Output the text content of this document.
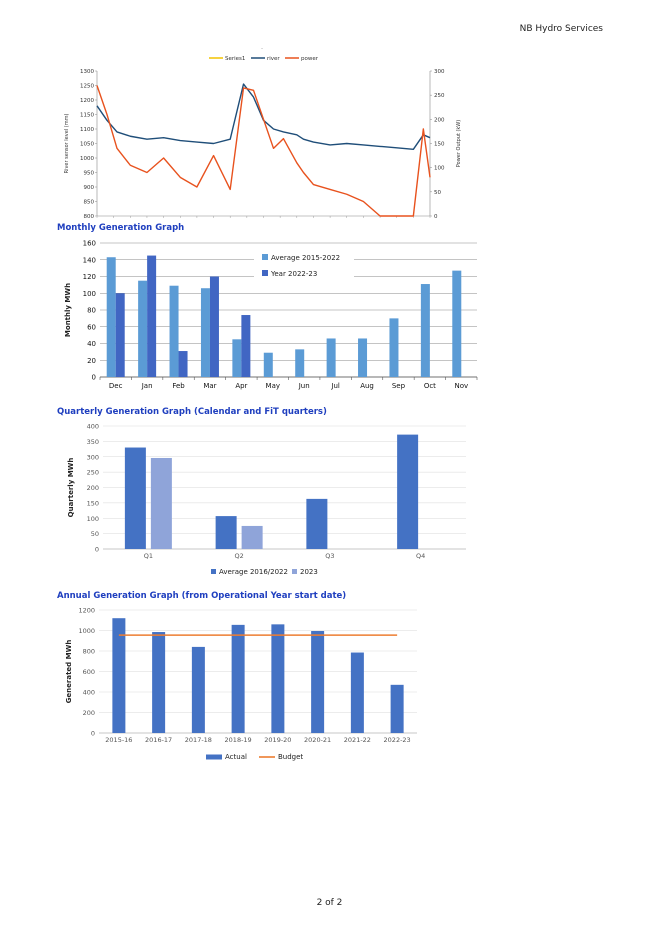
NB Hydro Services
-
Series1	river	power
800
850
900
950
1000
1050
1100
1150
1200
1250
1300
0
50
100
150
200
250
300
River sensor level (mm)	Power Output (kW)
Monthly Generation Graph
0
20
40
60
80
100
120
140
160
Monthly MWh
Dec	Jan	Feb	Mar	Apr	May	Jun	Jul	Aug	Sep	Oct	Nov
Average 2015-2022
Year 2022-23
Quarterly Generation Graph (Calendar and FiT quarters)
0
50
100
150
200
250
300
350
400
Quarterly MWh
Q1	Q2	Q3	Q4
Average 2016/2022 2023
Annual Generation Graph (from Operational Year start date)
0
200
400
600
800
1000
1200
Generated MWh
2015-16 2016-17 2017-18 2018-19 2019-20 2020-21 2021-22 2022-23
Actual	Budget
2 of 2
